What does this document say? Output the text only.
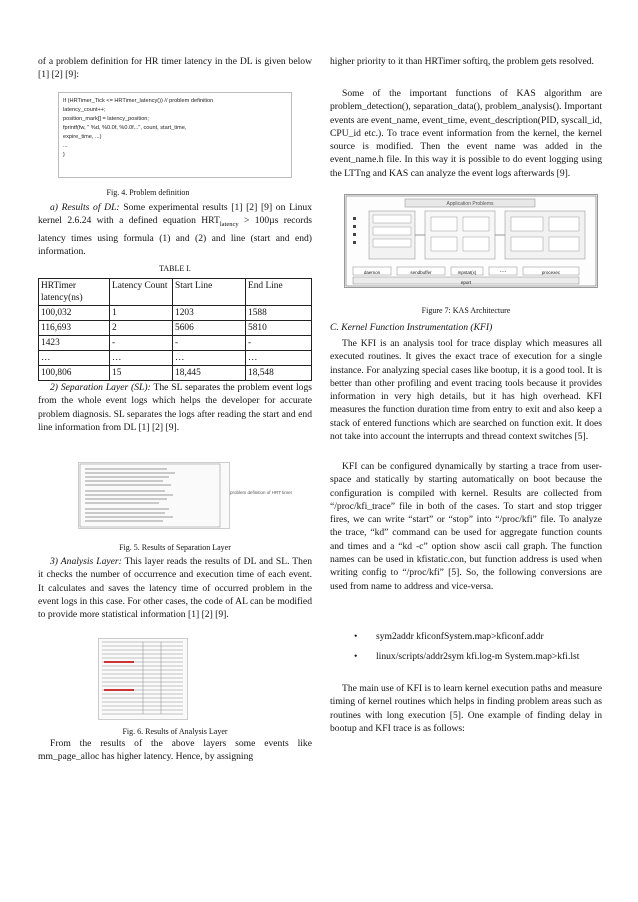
of a problem definition for HR timer latency in the DL is given below [1] [2] [9]:

If (HRTimer_Tick <= HRTimer_latency()) // problem definition
latency_count++;
position_mark[] = latency_position;
fprintf(fw, " %d, %0.0f, %0.0f...", count, start_time,
expire_time, ...)
...
}
Fig. 4. Problem definition

a) Results of DL: Some experimental results [1] [2] [9] on Linux kernel 2.6.24 with a defined equation $HRT_{latency} > 100\mu s$ records latency times using formula (1) and (2) and line (start and end) information.

TABLE I.
HRTimer latency(ns)	Latency Count	Start Line	End Line
100,032	1	1203	1588
116,693	2	5606	5810
1423	-	-	-
…	…	…	…
100,806	15	18,445	18,548

2) Separation Layer (SL): The SL separates the problem event logs from the whole event logs which helps the developer for accurate problem diagnosis. SL separates the logs after reading the start and end line information from DL [1] [2] [9].

problem definition of HRT timer
Fig. 5. Results of Separation Layer

3) Analysis Layer: This layer reads the results of DL and SL. Then it checks the number of occurrence and execution time of each event. It calculates and saves the latency time of occurred problem in the event logs in this case. For other cases, the code of AL can be modified to provide more statistical information [1] [2] [9].

Fig. 6. Results of Analysis Layer

From the results of the above layers some events like mm_page_alloc has higher latency. Hence, by assigning

higher priority to it than HRTimer softirq, the problem gets resolved.

Some of the important functions of KAS algorithm are problem_detection(), separation_data(), problem_analysis(). Important events are event_name, event_time, event_description(PID, syscall_id, CPU_id etc.). To trace event information from the kernel, the kernel source is modified. Then the event name was added in the event_name.h file. In this way it is possible to do event logging using the LTTng and KAS can analyze the event logs afterwards [9].

Application Problems
daemon	sendbuffer	mpstat(x)	…	procexec
eport
Figure 7: KAS Architecture
C. Kernel Function Instrumentation (KFI)

The KFI is an analysis tool for trace display which measures all executed routines. It gives the exact trace of execution for a single instance. For analyzing special cases like bootup, it is a good tool. It is better than other profiling and event tracing tools because it provides information in very high details, but it has high overhead. KFI measures the function duration time from entry to exit and also keep a stack of entered functions which are searched on function exit. It does not take into account the interrupts and thread context switches [5].

KFI can be configured dynamically by starting a trace from user-space and statically by starting automatically on boot because the configuration is compiled with kernel. Results are collected from “/proc/kfi_trace” file in both of the cases. To start and stop trigger fires, we can write “start” or “stop” into “/proc/kfi” file. To analyze the trace, “kd” command can be used for aggregate function counts and times and a “kd -c” option show ascii call graph. The function names can be used in kfistatic.con, but function address is used when writing config to “/proc/kfi” [5]. So, the following conversions are used from name to address and vice-versa.

• sym2addr kficonfSystem.map>kficonf.addr
• linux/scripts/addr2sym kfi.log-m System.map>kfi.lst

The main use of KFI is to learn kernel execution paths and measure timing of kernel routines which helps in finding problem areas such as routines with long execution [5]. One example of finding delay in bootup and KFI trace is as follows:
